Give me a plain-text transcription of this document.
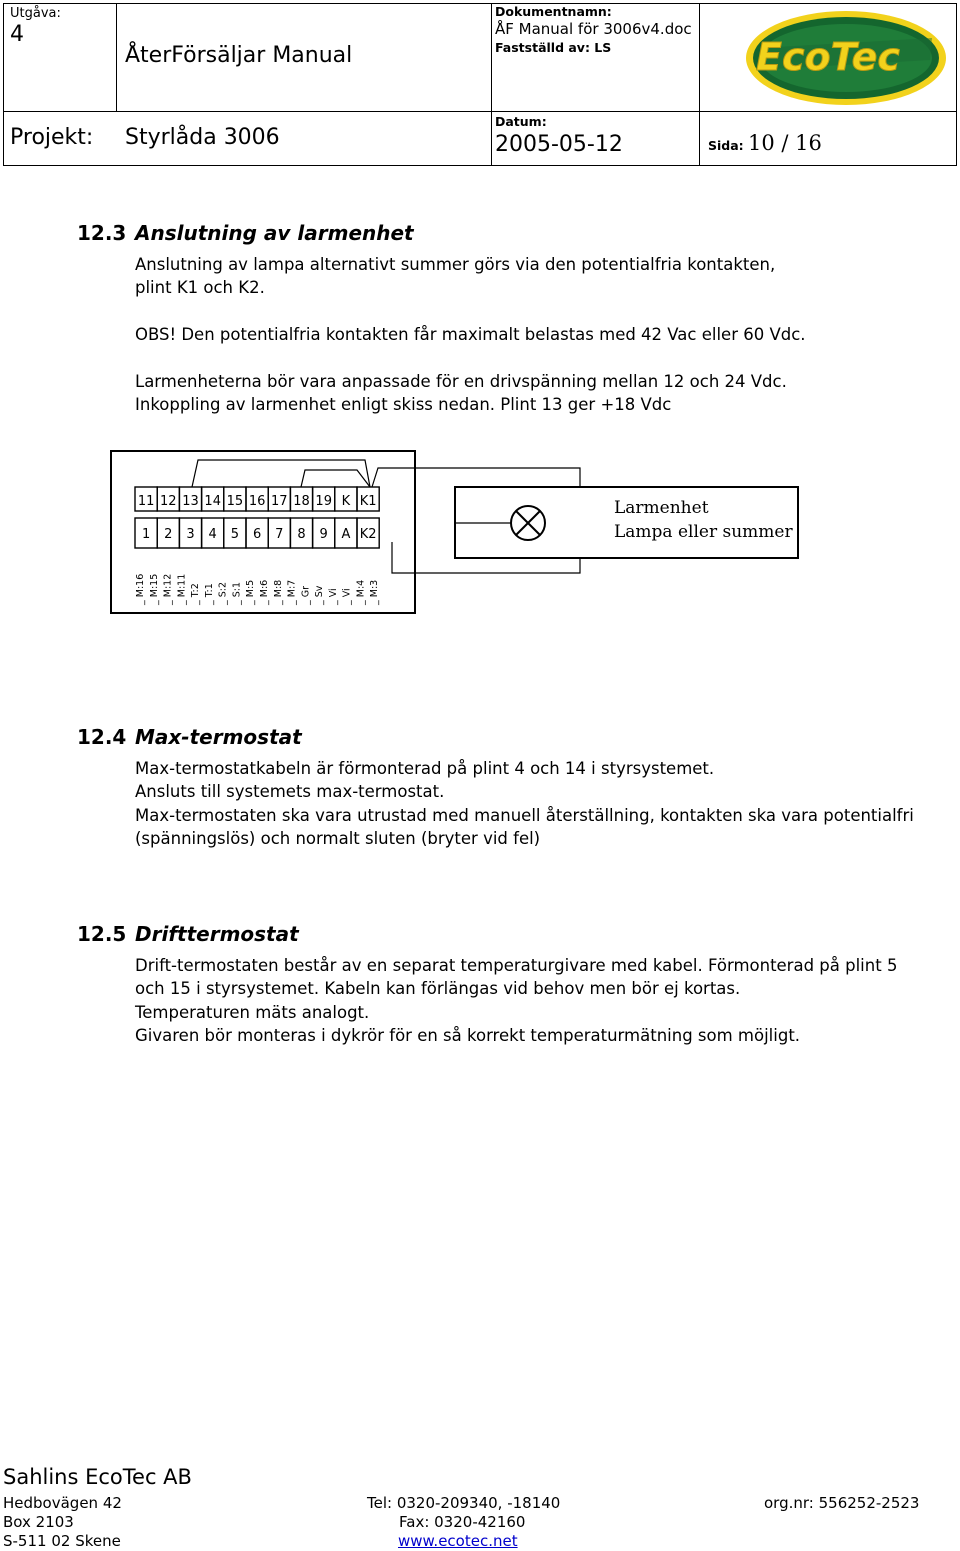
Utgåva:
4
ÅterFörsäljar Manual
Dokumentnamn:
ÅF Manual för 3006v4.doc
Fastställd av: LS
Projekt: Styrlåda 3006
Datum:
2005-05-12	Sida: 10 / 16
EcoTec
12.3 Anslutning av larmenhet
Anslutning av lampa alternativt summer görs via den potentialfria kontakten,
plint K1 och K2.
OBS! Den potentialfria kontakten får maximalt belastas med 42 Vac eller 60 Vdc.
Larmenheterna bör vara anpassade för en drivspänning mellan 12 och 24 Vdc.
Inkoppling av larmenhet enligt skiss nedan. Plint 13 ger +18 Vdc
11 12 13 14 15 16 17 18 19 K K1
1 2 3 4 5 6 7 8 9 A K2
_ M:16 _ M:15 _ M:12 _ M:11 _ T:2 _ T:1 _ S:2 _ S:1 _ M:5 _ M:6 _ M:8 _ M:7 _ Gr _ Sv _ Vi _ Vi _ M:4 _ M:3
Larmenhet
Lampa eller summer
12.4 Max-termostat
Max-termostatkabeln är förmonterad på plint 4 och 14 i styrsystemet.
Ansluts till systemets max-termostat.
Max-termostaten ska vara utrustad med manuell återställning, kontakten ska vara potentialfri
(spänningslös) och normalt sluten (bryter vid fel)
12.5 Drifttermostat
Drift-termostaten består av en separat temperaturgivare med kabel. Förmonterad på plint 5
och 15 i styrsystemet. Kabeln kan förlängas vid behov men bör ej kortas.
Temperaturen mäts analogt.
Givaren bör monteras i dykrör för en så korrekt temperaturmätning som möjligt.
Sahlins EcoTec AB
Hedbovägen 42
Box 2103
S-511 02 Skene
Tel: 0320-209340, -18140
Fax: 0320-42160
www.ecotec.net
org.nr: 556252-2523
